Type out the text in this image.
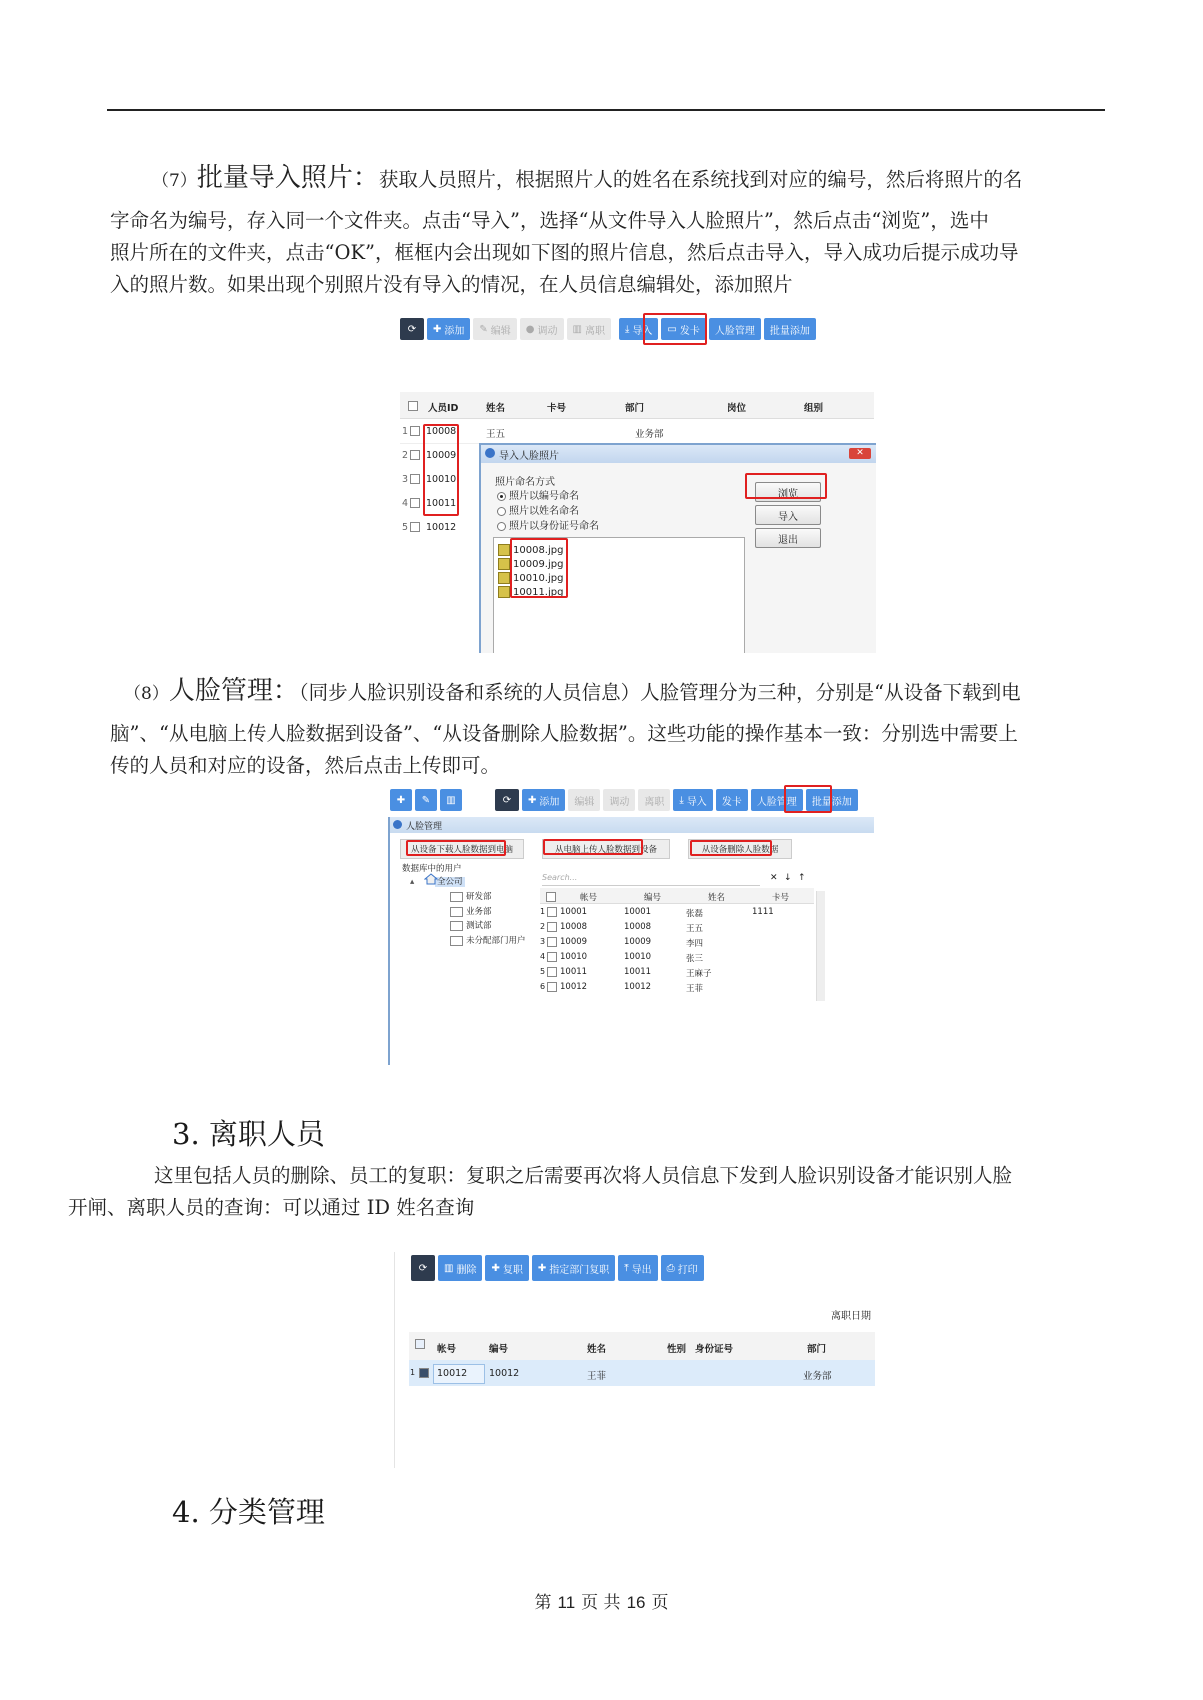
（7）批量导入照片：获取人员照片，根据照片人的姓名在系统找到对应的编号，然后将照片的名
字命名为编号，存入同一个文件夹。点击“导入”，选择“从文件导入人脸照片”，然后点击“浏览”，选中
照片所在的文件夹，点击“OK”，框框内会出现如下图的照片信息，然后点击导入，导入成功后提示成功导
入的照片数。如果出现个别照片没有导入的情况，在人员信息编辑处，添加照片
⟳ ✚ 添加 ✎ 编辑 ● 调动 ▥ 离职 ⤓ 导入 ▭ 发卡 人脸管理 批量添加
人员ID	姓名	卡号	部门	岗位	组别
1 10008	王五	业务部
2 10009
3 10010
4 10011
5 10012
导入人脸照片	✕
照片命名方式
照片以编号命名
照片以姓名命名
照片以身份证号命名
浏览
导入
退出
10008.jpg
10009.jpg
10010.jpg
10011.jpg
（8）人脸管理：（同步人脸识别设备和系统的人员信息）人脸管理分为三种，分别是“从设备下载到电
脑”、“从电脑上传人脸数据到设备”、“从设备删除人脸数据”。这些功能的操作基本一致：分别选中需要上
传的人员和对应的设备，然后点击上传即可。
✚ ✎ ▥	⟳ ✚ 添加 编辑 调动 离职 ⤓ 导入 发卡 人脸管理 批量添加
人脸管理
从设备下载人脸数据到电脑	从电脑上传人脸数据到设备	从设备删除人脸数据
数据库中的用户
▴	全公司
研发部
业务部
测试部
未分配部门用户
Search...	✕ ↓ ↑
帐号	编号	姓名	卡号
1 10001	10001	张磊	1111
2 10008	10008	王五
3 10009	10009	李四
4 10010	10010	张三
5 10011	10011	王麻子
6 10012	10012	王菲
3. 离职人员
这里包括人员的删除、员工的复职：复职之后需要再次将人员信息下发到人脸识别设备才能识别人脸
开闸、离职人员的查询：可以通过 ID 姓名查询
⟳ ▥ 删除 ✚ 复职 ✚ 指定部门复职 ⤒ 导出 ⎙ 打印
离职日期
帐号	编号	姓名	性别 身份证号	部门
1 10012 10012	王菲	业务部
4. 分类管理
第 11 页 共 16 页
